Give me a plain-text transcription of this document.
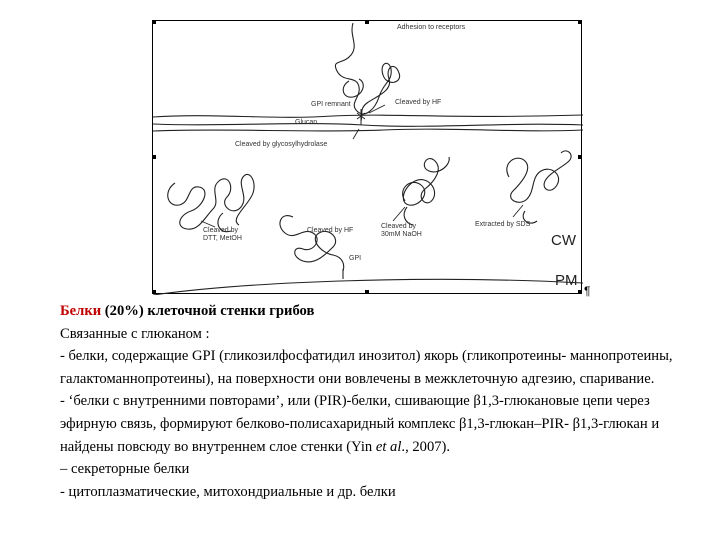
Adhesion to receptors
GPI remnant	Cleaved by HF
Glucan
Cleaved by glycosylhydrolase
Cleaved by
DTT, MetOH
Cleaved by HF
GPI
Cleaved by
30mM NaOH
Extracted by SDS
CW
PM
¶

Белки (20%) клеточной стенки грибов

Связанные с глюканом :

- белки, содержащие GPI (гликозилфосфатидил инозитол) якорь (гликопротеины- маннопротеины, галактоманнопротеины), на поверхности они вовлечены в межклеточную адгезию, спаривание.

- ‘белки с внутренними повторами’, или (PIR)-белки, сшивающие β1,3-глюкановые цепи через эфирную связь, формируют белково-полисахаридный комплекс β1,3-глюкан–PIR- β1,3-глюкан и найдены повсюду во внутреннем слое стенки (Yin et al., 2007).

– секреторные белки

- цитоплазматические, митохондриальные и др. белки
